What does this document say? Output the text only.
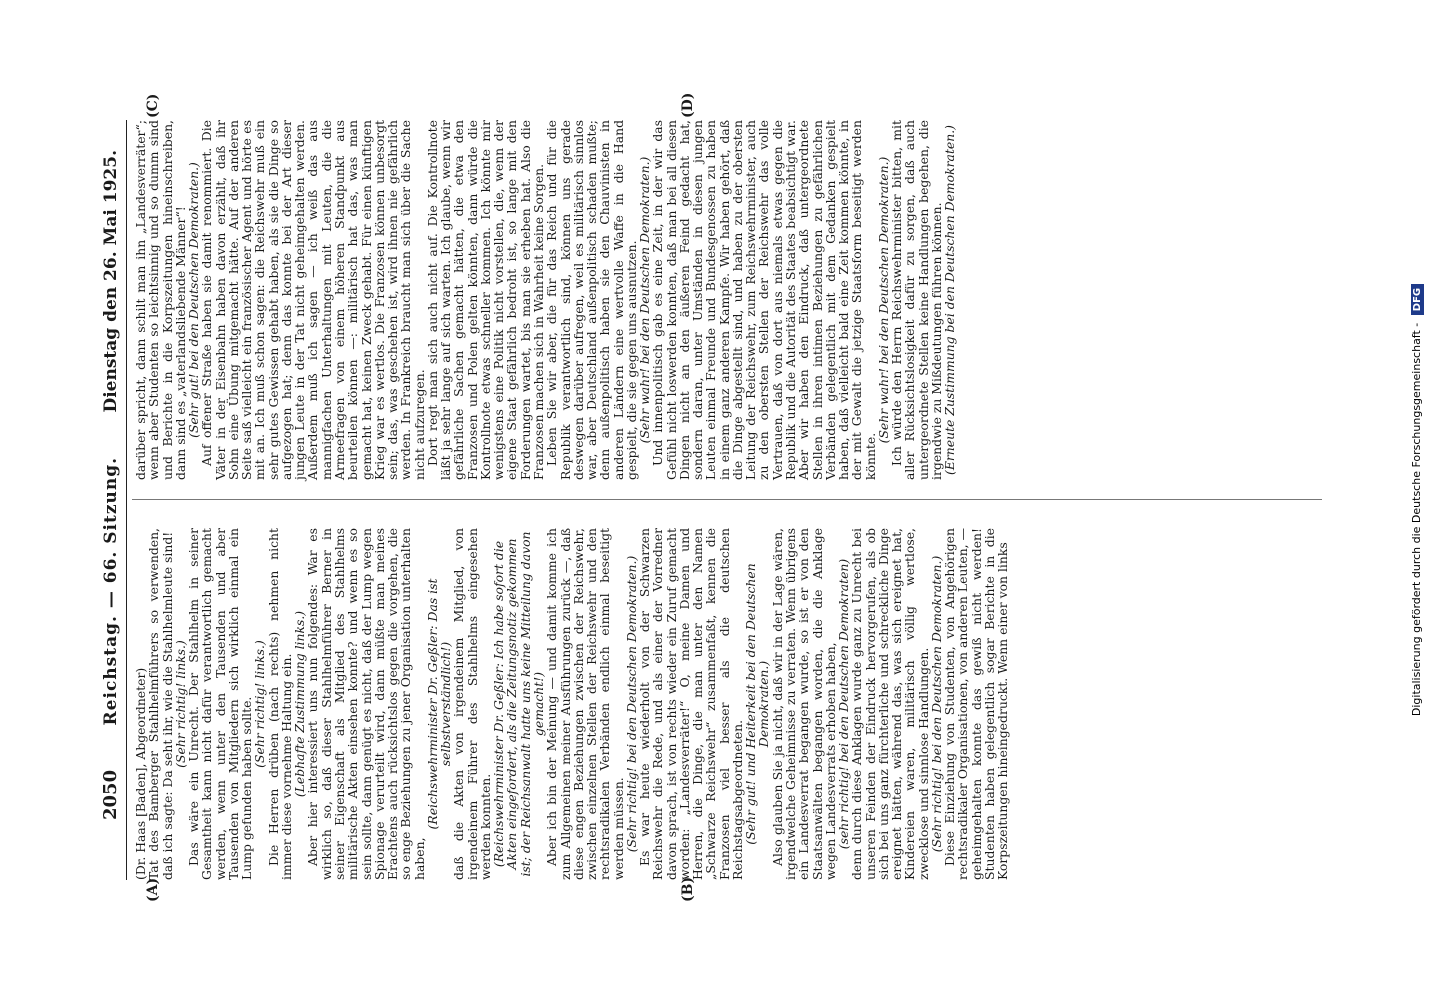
2050
Reichstag. — 66. Sitzung.
Dienstag den 26. Mai 1925.
(A)	(B)
(C)	(D)

(Dr. Haas [Baden], Abgeordneter)

Tat des Bamberger Stahlhelmführers so verwenden, daß ich sagte: Da seht ihr, wie die Stahlhelmleute sind!

(Sehr richtig! links.)

Das wäre ein Unrecht. Der Stahlhelm in seiner Gesamtheit kann nicht dafür verantwortlich gemacht werden, wenn unter den Tausenden und aber Tausenden von Mitgliedern sich wirklich einmal ein Lump gefunden haben sollte.

(Sehr richtig! links.)

Die Herren drüben (nach rechts) nehmen nicht immer diese vornehme Haltung ein.

(Lebhafte Zustimmung links.)

Aber hier interessiert uns nun folgendes: War es wirklich so, daß dieser Stahlhelmführer Berner in seiner Eigenschaft als Mitglied des Stahlhelms militärische Akten einsehen konnte? und wenn es so sein sollte, dann genügt es nicht, daß der Lump wegen Spionage verurteilt wird, dann müßte man meines Erachtens auch rücksichtslos gegen die vorgehen, die so enge Beziehungen zu jener Organisation unterhalten haben,

(Reichswehrminister Dr. Geßler: Das ist selbstverständlich!)

daß die Akten von irgendeinem Mitglied, von irgendeinem Führer des Stahlhelms eingesehen werden konnten.

(Reichswehrminister Dr. Geßler: Ich habe sofort die Akten eingefordert, als die Zeitungsnotiz gekommen ist; der Reichsanwalt hatte uns keine Mitteilung davon gemacht!)

Aber ich bin der Meinung — und damit komme ich zum Allgemeinen meiner Ausführungen zurück —, daß diese engen Beziehungen zwischen der Reichswehr, zwischen einzelnen Stellen der Reichswehr und den rechtsradikalen Verbänden endlich einmal beseitigt werden müssen.

(Sehr richtig! bei den Deutschen Demokraten.)

Es war heute wiederholt von der Schwarzen Reichswehr die Rede, und als einer der Vorredner davon sprach, ist von rechts wieder ein Zuruf gemacht worden: „Landesverräter!“ O, meine Damen und Herren, die Dinge, die man unter den Namen „Schwarze Reichswehr“ zusammenfaßt, kennen die Franzosen viel besser als die deutschen Reichstagsabgeordneten.

(Sehr gut! und Heiterkeit bei den Deutschen Demokraten.)

Also glauben Sie ja nicht, daß wir in der Lage wären, irgendwelche Geheimnisse zu verraten. Wenn übrigens ein Landesverrat begangen wurde, so ist er von den Staatsanwälten begangen worden, die die Anklage wegen Landesverrats erhoben haben,

(sehr richtig! bei den Deutschen Demokraten)

denn durch diese Anklagen wurde ganz zu Unrecht bei unseren Feinden der Eindruck hervorgerufen, als ob sich bei uns ganz fürchterliche und schreckliche Dinge ereignet hätten, während das, was sich ereignet hat, Kindereien waren, militärisch völlig wertlose, zwecklose und sinnlose Handlungen.

(Sehr richtig! bei den Deutschen Demokraten.)

Diese Einziehung von Studenten, von Angehörigen rechtsradikaler Organisationen, von anderen Leuten, — geheimgehalten konnte das gewiß nicht werden! Studenten haben gelegentlich sogar Berichte in die Korpszeitungen hineingedruckt. Wenn einer von links

darüber spricht, dann schilt man ihn „Landesverräter“; wenn aber Studenten so leichtsinnig und so dumm sind und Berichte in die Korpszeitungen hineinschreiben, dann sind es „vaterlandsliebende Männer“!

(Sehr gut! bei den Deutschen Demokraten.)

Auf offener Straße haben sie damit renommiert. Die Väter in der Eisenbahn haben davon erzählt, daß ihr Sohn eine Übung mitgemacht hätte. Auf der anderen Seite saß vielleicht ein französischer Agent und hörte es mit an. Ich muß schon sagen: die Reichswehr muß ein sehr gutes Gewissen gehabt haben, als sie die Dinge so aufgezogen hat; denn das konnte bei der Art dieser jungen Leute in der Tat nicht geheimgehalten werden. Außerdem muß ich sagen — ich weiß das aus mannigfachen Unterhaltungen mit Leuten, die die Armeefragen von einem höheren Standpunkt aus beurteilen können —: militärisch hat das, was man gemacht hat, keinen Zweck gehabt. Für einen künftigen Krieg war es wertlos. Die Franzosen können unbesorgt sein; das, was geschehen ist, wird ihnen nie gefährlich werden. In Frankreich braucht man sich über die Sache nicht aufzuregen.

Dort regt man sich auch nicht auf. Die Kontrollnote läßt ja sehr lange auf sich warten. Ich glaube, wenn wir gefährliche Sachen gemacht hätten, die etwa den Franzosen und Polen gelten könnten, dann würde die Kontrollnote etwas schneller kommen. Ich könnte mir wenigstens eine Politik nicht vorstellen, die, wenn der eigene Staat gefährlich bedroht ist, so lange mit den Forderungen wartet, bis man sie erheben hat. Also die Franzosen machen sich in Wahrheit keine Sorgen.

Leben Sie wir aber, die für das Reich und für die Republik verantwortlich sind, können uns gerade deswegen darüber aufregen, weil es militärisch sinnlos war, aber Deutschland außenpolitisch schaden mußte; denn außenpolitisch haben sie den Chauvinisten in anderen Ländern eine wertvolle Waffe in die Hand gespielt, die sie gegen uns ausnutzen.

(Sehr wahr! bei den Deutschen Demokraten.)

Und innenpolitisch gab es eine Zeit, in der wir das Gefühl nicht loswerden konnten, daß man bei all diesen Dingen nicht an den äußeren Feind gedacht hat, sondern daran, unter Umständen in diesen jungen Leuten einmal Freunde und Bundesgenossen zu haben in einem ganz anderen Kampfe. Wir haben gehört, daß die Dinge abgestellt sind, und haben zu der obersten Leitung der Reichswehr, zum Reichswehrminister, auch zu den obersten Stellen der Reichswehr das volle Vertrauen, daß von dort aus niemals etwas gegen die Republik und die Autorität des Staates beabsichtigt war. Aber wir haben den Eindruck, daß untergeordnete Stellen in ihren intimen Beziehungen zu gefährlichen Verbänden gelegentlich mit dem Gedanken gespielt haben, daß vielleicht bald eine Zeit kommen könnte, in der mit Gewalt die jetzige Staatsform beseitigt werden könnte.

(Sehr wahr! bei den Deutschen Demokraten.)

Ich würde den Herrn Reichswehrminister bitten, mit aller Rücksichtslosigkeit dafür zu sorgen, daß auch untergeordnete Stellen keine Handlungen begehen, die irgendwie zu Mißdeutungen führen können.

(Erneute Zustimmung bei den Deutschen Demokraten.)

Digitalisierung gefördert durch die Deutsche Forschungsgemeinschaft - DFG
